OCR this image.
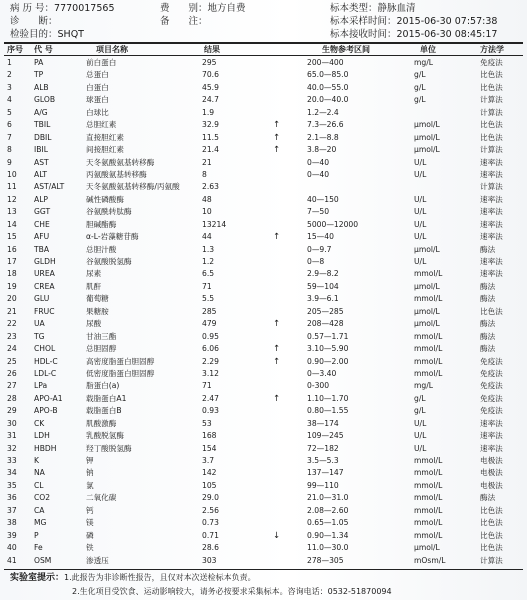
病 历 号：7770017565	费　　别：地方自费	标本类型：静脉血清
诊　　断：	备　　注：	标本采样时间：2015-06-30 07:57:38
检验目的：SHQT	标本接收时间：2015-06-30 08:45:17
序号 代 号	项目名称	结果	生物参考区间	单位	方法学
1	PA	前白蛋白	295	200—400	mg/L	免疫法
2	TP	总蛋白	70.6	65.0—85.0	g/L	比色法
3	ALB	白蛋白	45.9	40.0—55.0	g/L	比色法
4	GLOB	球蛋白	24.7	20.0—40.0	g/L	计算法
5	A/G	白球比	1.9	1.2—2.4	计算法
6	TBIL	总胆红素	32.9	↑	7.3—26.6	μmol/L	比色法
7	DBIL	直接胆红素	11.5	↑	2.1—8.8	μmol/L	比色法
8	IBIL	间接胆红素	21.4	↑	3.8—20	μmol/L	计算法
9	AST	天冬氨酸氨基转移酶	21	0—40	U/L	速率法
10 ALT	丙氨酸氨基转移酶	8	0—40	U/L	速率法
11 AST/ALT	天冬氨酸氨基转移酶/丙氨酸	2.63	计算法
12 ALP	碱性磷酸酶	48	40—150	U/L	速率法
13 GGT	谷氨酰转肽酶	10	7—50	U/L	速率法
14 CHE	胆碱酯酶	13214	5000—12000	U/L	速率法
15 AFU	α-L-岩藻糖苷酶	44	↑	15—40	U/L	速率法
16 TBA	总胆汁酸	1.3	0—9.7	μmol/L	酶法
17 GLDH	谷氨酸脱氢酶	1.2	0—8	U/L	速率法
18 UREA	尿素	6.5	2.9—8.2	mmol/L	速率法
19 CREA	肌酐	71	59—104	μmol/L	酶法
20 GLU	葡萄糖	5.5	3.9—6.1	mmol/L	酶法
21 FRUC	果糖胺	285	205—285	μmol/L	比色法
22 UA	尿酸	479	↑	208—428	μmol/L	酶法
23 TG	甘油三酯	0.95	0.57—1.71	mmol/L	酶法
24 CHOL	总胆固醇	6.06	↑	3.10—5.90	mmol/L	酶法
25 HDL-C	高密度脂蛋白胆固醇	2.29	↑	0.90—2.00	mmol/L	免疫法
26 LDL-C	低密度脂蛋白胆固醇	3.12	0—3.40	mmol/L	免疫法
27 LPa	脂蛋白(a)	71	0-300	mg/L	免疫法
28 APO-A1	载脂蛋白A1	2.47	↑	1.10—1.70	g/L	免疫法
29 APO-B	载脂蛋白B	0.93	0.80—1.55	g/L	免疫法
30 CK	肌酸激酶	53	38—174	U/L	速率法
31 LDH	乳酸脱氢酶	168	109—245	U/L	速率法
32 HBDH	羟丁酸脱氢酶	154	72—182	U/L	速率法
33 K	钾	3.7	3.5—5.3	mmol/L	电极法
34 NA	钠	142	137—147	mmol/L	电极法
35 CL	氯	105	99—110	mmol/L	电极法
36 CO2	二氧化碳	29.0	21.0—31.0	mmol/L	酶法
37 CA	钙	2.56	2.08—2.60	mmol/L	比色法
38 MG	镁	0.73	0.65—1.05	mmol/L	比色法
39 P	磷	0.71	↓	0.90—1.34	mmol/L	比色法
40 Fe	铁	28.6	11.0—30.0	μmol/L	比色法
41 OSM	渗透压	303	278—305	mOsm/L	计算法
实验室提示：1.此报告为非诊断性报告，且仅对本次送检标本负责。
2.生化项目受饮食、运动影响较大，请务必按要求采集标本。咨询电话：0532-51870094
